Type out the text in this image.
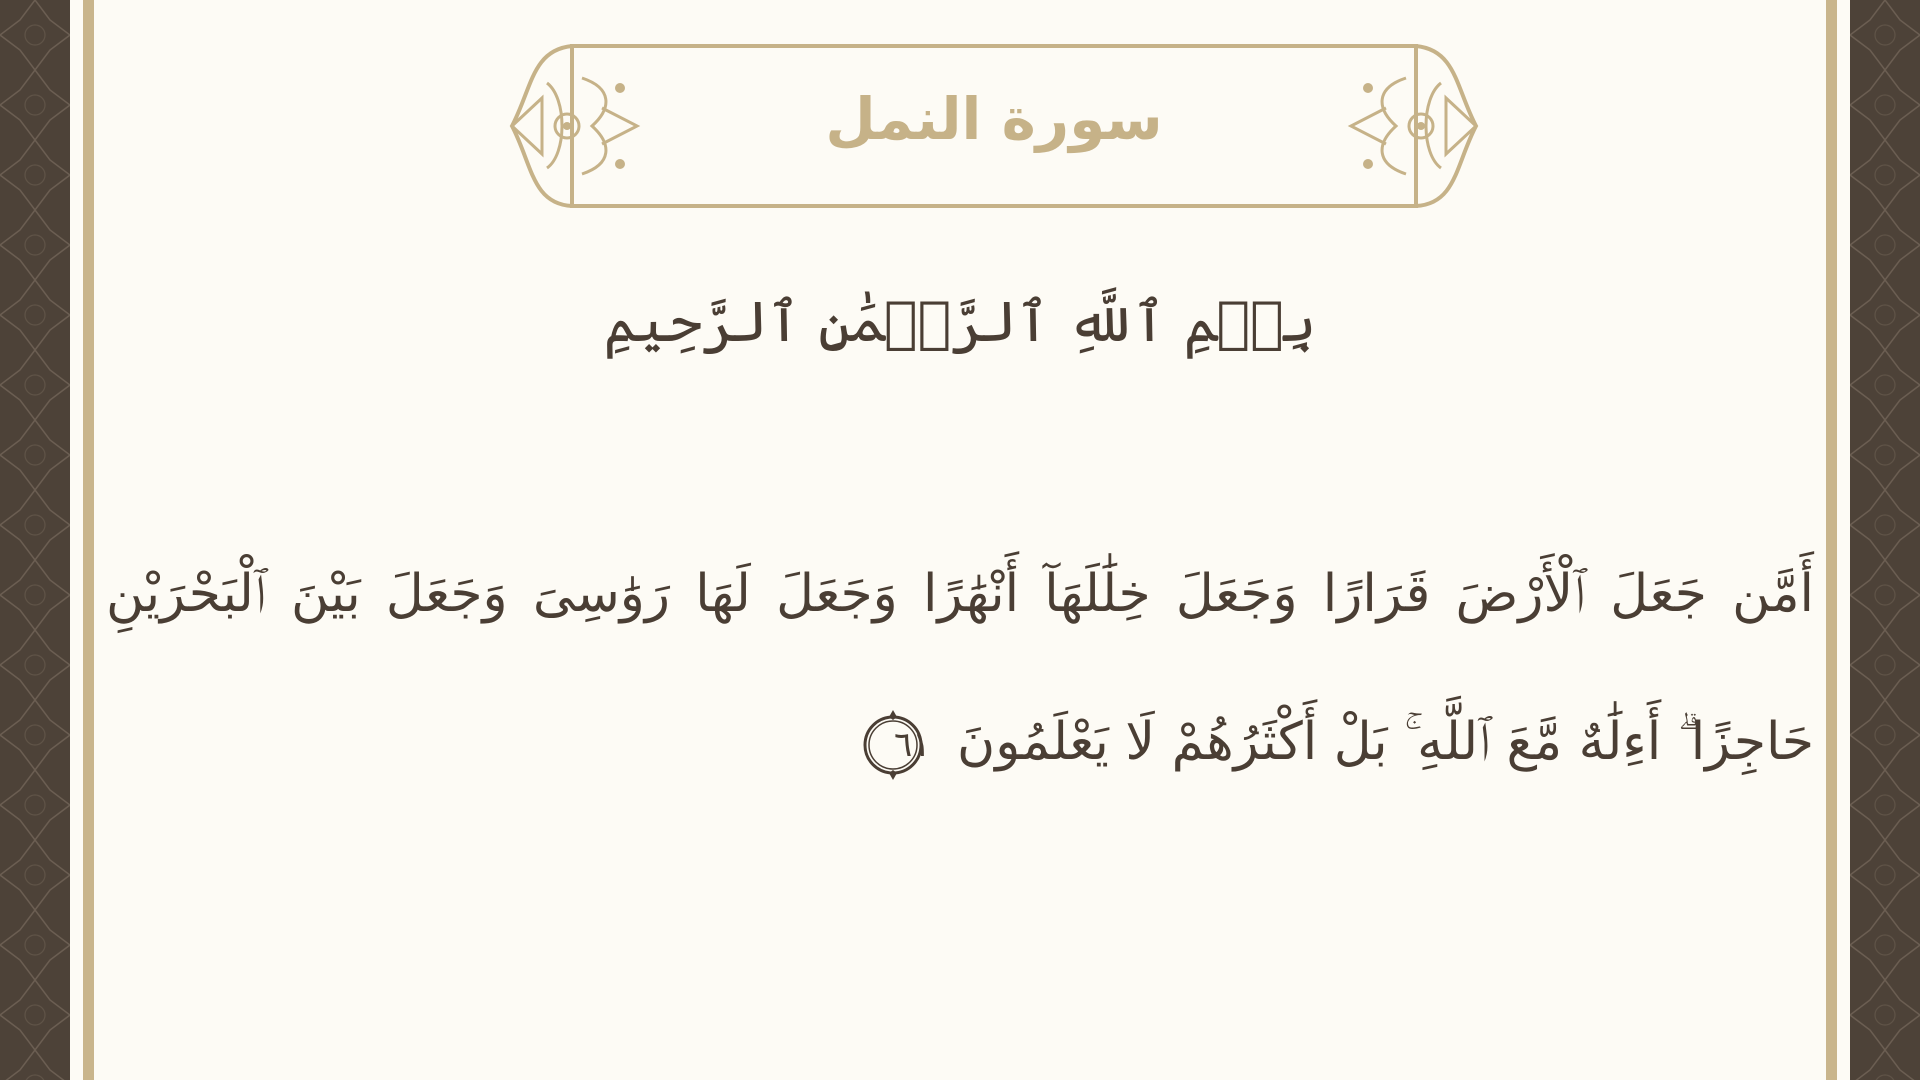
سورة النمل
بِسۡمِ ٱللَّهِ ٱلرَّحۡمَٰنِ ٱلرَّحِيمِ
أَمَّن جَعَلَ ٱلْأَرْضَ قَرَارًا وَجَعَلَ خِلَٰلَهَآ أَنْهَٰرًا وَجَعَلَ لَهَا رَوَٰسِىَ وَجَعَلَ بَيْنَ ٱلْبَحْرَيْنِ حَاجِزًا ۗ أَءِلَٰهٌ مَّعَ ٱللَّهِ ۚ بَلْ أَكْثَرُهُمْ لَا يَعْلَمُونَ
٦١
